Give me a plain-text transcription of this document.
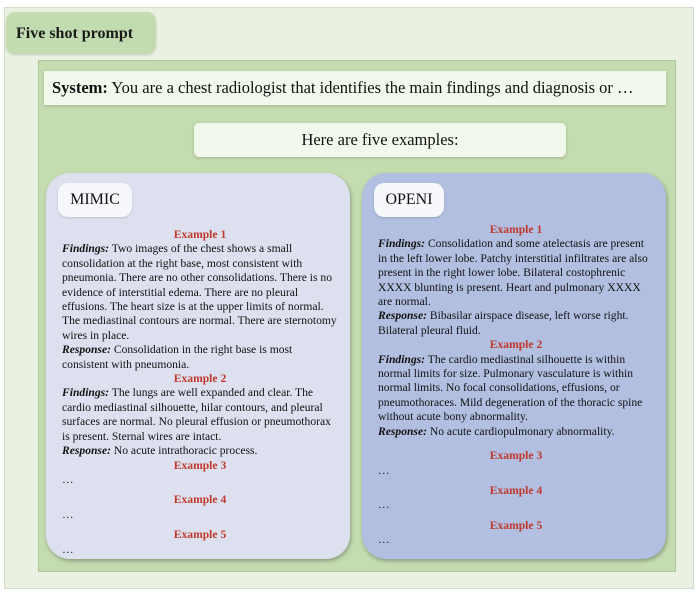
Five shot prompt
System: You are a chest radiologist that identifies the main findings and diagnosis or …
Here are five examples:
MIMIC

Example 1

Findings: Two images of the chest shows a small consolidation at the right base, most consistent with pneumonia. There are no other consolidations. There is no evidence of interstitial edema. There are no pleural effusions. The heart size is at the upper limits of normal. The mediastinal contours are normal. There are sternotomy wires in place.

Response: Consolidation in the right base is most consistent with pneumonia.

Example 2

Findings: The lungs are well expanded and clear. The cardio mediastinal silhouette, hilar contours, and pleural surfaces are normal. No pleural effusion or pneumothorax is present. Sternal wires are intact.

Response: No acute intrathoracic process.

Example 3

…

Example 4

…

Example 5

…

OPENI

Example 1

Findings: Consolidation and some atelectasis are present in the left lower lobe. Patchy interstitial infiltrates are also present in the right lower lobe. Bilateral costophrenic XXXX blunting is present. Heart and pulmonary XXXX are normal.

Response: Bibasilar airspace disease, left worse right. Bilateral pleural fluid.

Example 2

Findings: The cardio mediastinal silhouette is within normal limits for size. Pulmonary vasculature is within normal limits. No focal consolidations, effusions, or pneumothoraces. Mild degeneration of the thoracic spine without acute bony abnormality.

Response: No acute cardiopulmonary abnormality.

Example 3

…

Example 4

…

Example 5

…
